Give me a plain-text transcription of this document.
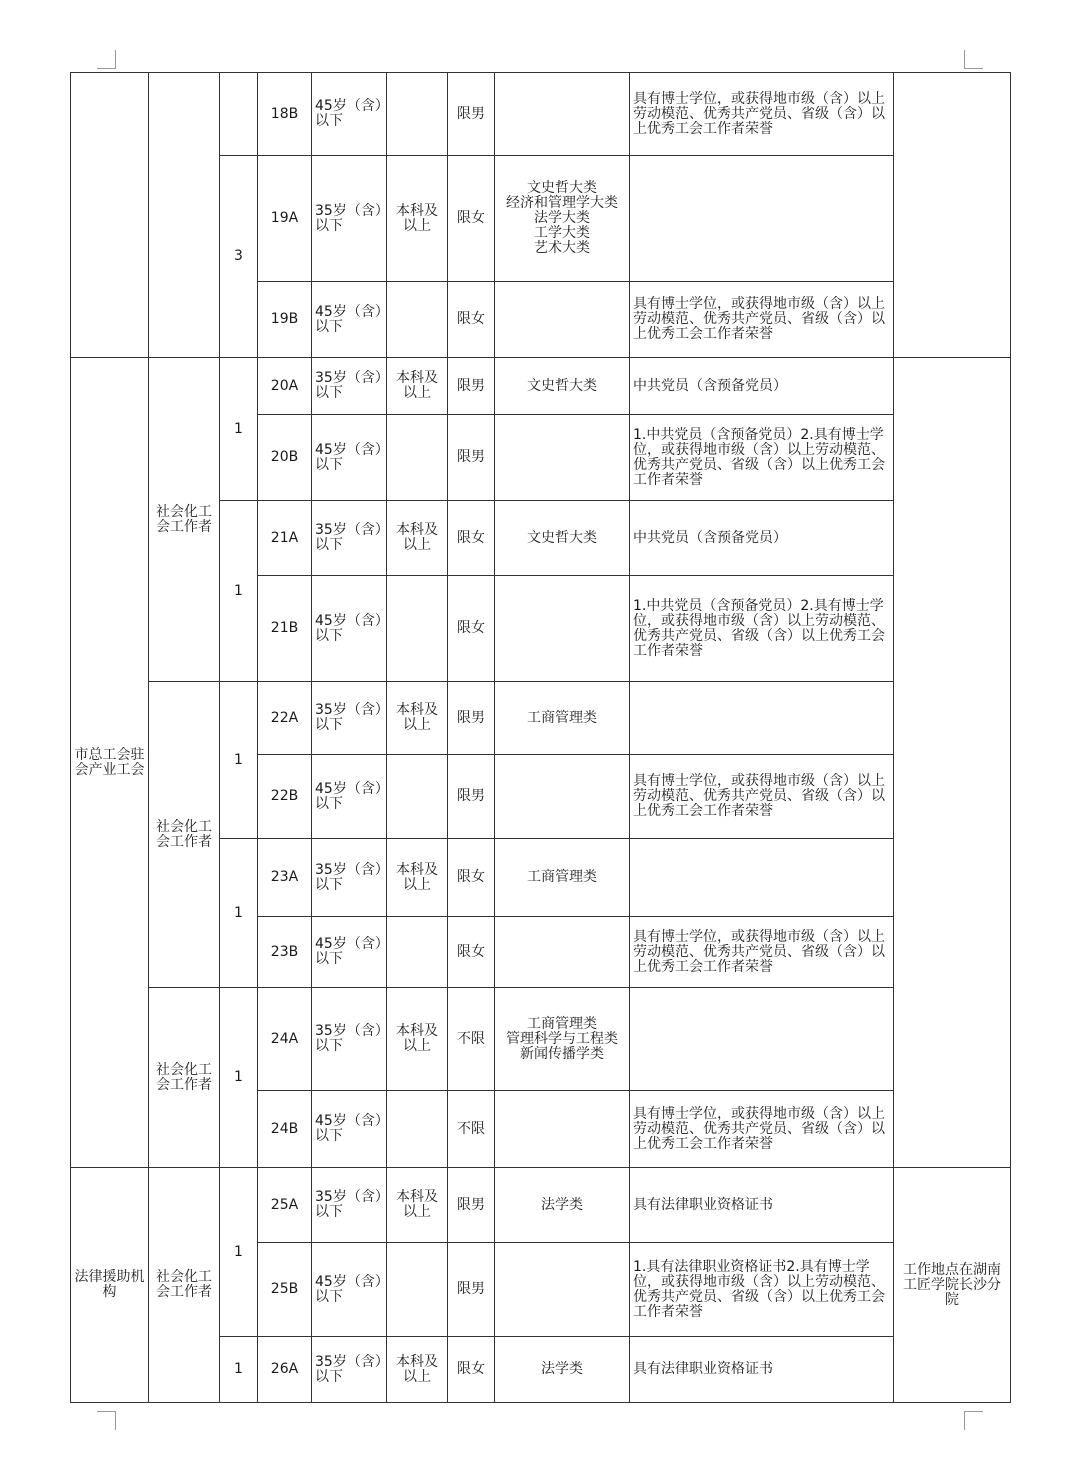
			18B	45岁（含）以下		限男		具有博士学位，或获得地市级（含）以上劳动模范、优秀共产党员、省级（含）以上优秀工会工作者荣誉	
		3	19A	35岁（含）以下	本科及以上	限女	文史哲大类
经济和管理学大类
法学大类
工学大类
艺术大类		

			19B	45岁（含）以下		限女		具有博士学位，或获得地市级（含）以上劳动模范、优秀共产党员、省级（含）以上优秀工会工作者荣誉	
市总工会驻会产业工会	社会化工会工作者	1	20A	35岁（含）以下	本科及以上	限男	文史哲大类	中共党员（含预备党员）	
			20B	45岁（含）以下		限男		1.中共党员（含预备党员）2.具有博士学位，或获得地市级（含）以上劳动模范、优秀共产党员、省级（含）以上优秀工会工作者荣誉	
		1	21A	35岁（含）以下	本科及以上	限女	文史哲大类	中共党员（含预备党员）	
			21B	45岁（含）以下		限女		1.中共党员（含预备党员）2.具有博士学位，或获得地市级（含）以上劳动模范、优秀共产党员、省级（含）以上优秀工会工作者荣誉	
	社会化工会工作者	1	22A	35岁（含）以下	本科及以上	限男	工商管理类		
			22B	45岁（含）以下		限男		具有博士学位，或获得地市级（含）以上劳动模范、优秀共产党员、省级（含）以上优秀工会工作者荣誉	
		1	23A	35岁（含）以下	本科及以上	限女	工商管理类		
			23B	45岁（含）以下		限女		具有博士学位，或获得地市级（含）以上劳动模范、优秀共产党员、省级（含）以上优秀工会工作者荣誉	
	社会化工会工作者	1	24A	35岁（含）以下	本科及以上	不限	工商管理类
管理科学与工程类
新闻传播学类		

			24B	45岁（含）以下		不限		具有博士学位，或获得地市级（含）以上劳动模范、优秀共产党员、省级（含）以上优秀工会工作者荣誉	
法律援助机构	社会化工会工作者	1	25A	35岁（含）以下	本科及以上	限男	法学类	具有法律职业资格证书	工作地点在湖南工匠学院长沙分院
			25B	45岁（含）以下		限男		1.具有法律职业资格证书2.具有博士学位，或获得地市级（含）以上劳动模范、优秀共产党员、省级（含）以上优秀工会工作者荣誉	
		1	26A	35岁（含）以下	本科及以上	限女	法学类	具有法律职业资格证书	
